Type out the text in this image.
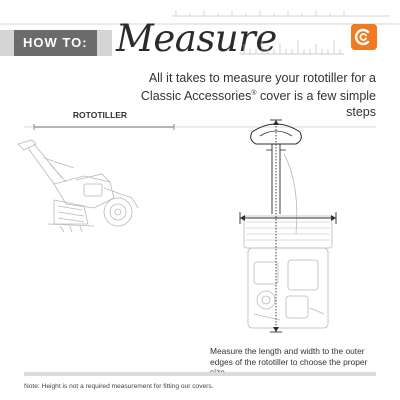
HOW TO: Measure
All it takes to measure your rototiller for a
Classic Accessories® cover is a few simple steps
ROTOTILLER
Measure the length and width to the outer edges of the rototiller to choose the proper
Note: Height is not a required measurement for fitting our covers.
